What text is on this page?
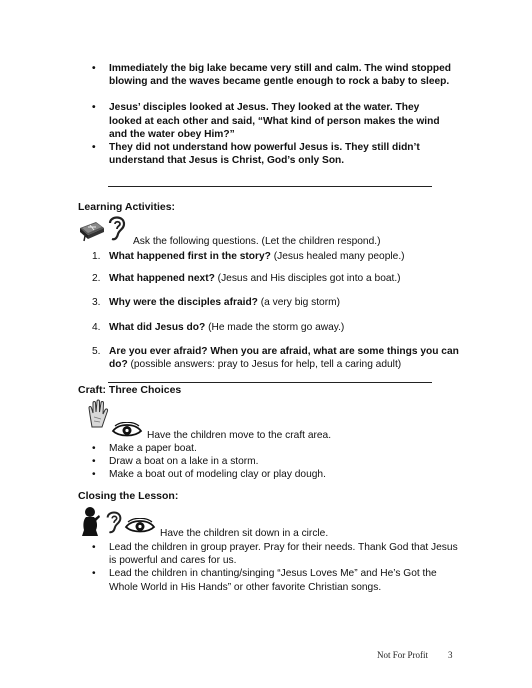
• Immediately the big lake became very still and calm. The wind stopped blowing and the waves became gentle enough to rock a baby to sleep.
• Jesus’ disciples looked at Jesus. They looked at the water. They looked at each other and said, “What kind of person makes the wind and the water obey Him?”
• They did not understand how powerful Jesus is. They still didn’t understand that Jesus is Christ, God’s only Son.
Learning Activities:
Ask the following questions. (Let the children respond.)
1. What happened first in the story? (Jesus healed many people.)
2. What happened next? (Jesus and His disciples got into a boat.)
3. Why were the disciples afraid? (a very big storm)
4. What did Jesus do? (He made the storm go away.)
5. Are you ever afraid? When you are afraid, what are some things you can do? (possible answers: pray to Jesus for help, tell a caring adult)
Craft: Three Choices
Have the children move to the craft area.
• Make a paper boat.
• Draw a boat on a lake in a storm.
• Make a boat out of modeling clay or play dough.
Closing the Lesson:
Have the children sit down in a circle.
• Lead the children in group prayer. Pray for their needs. Thank God that Jesus is powerful and cares for us.
• Lead the children in chanting/singing “Jesus Loves Me” and He’s Got the Whole World in His Hands” or other favorite Christian songs.
Not For Profit 3
